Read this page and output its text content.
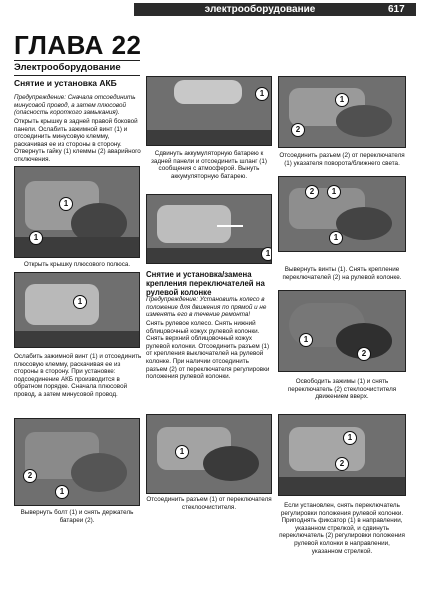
электрооборудование	617
ГЛАВА 22
Электрооборудование
Снятие и установка АКБ
Предупреждение: Сначала отсоединить минусовой провод, а затем плюсовой (опасность короткого замыкания).
Открыть крышку в задней правой боковой панели. Ослабить зажимной винт (1) и отсоединить минусовую клемму, раскачивая ее из стороны в сторону. Отвернуть гайку (1) клеммы (2) аварийного отключения.
1
1
Открыть крышку плюсового полюса.
1
Ослабить зажимной винт (1) и отсоединить плюсовую клемму, раскачивая ее из стороны в сторону. При установке: подсоединение АКБ производится в обратном порядке. Сначала плюсовой провод, а затем минусовой провод.
2
1
Вывернуть болт (1) и снять держатель батареи (2).
1
Сдвинуть аккумуляторную батарею к задней панели и отсоединить шланг (1) сообщения с атмосферой. Вынуть аккумуляторную батарею.
1
Снятие и установка/замена крепления переключателей на рулевой колонке
Предупреждение: Установить колесо в положение для движения по прямой и не изменять его в течение ремонта!
Снять рулевое колесо. Снять нижний облицовочный кожух рулевой колонки. Снять верхний облицовочный кожух рулевой колонки. Отсоединить разъем (1) от крепления выключателей на рулевой колонке. При наличии отсоединить разъем (2) от переключателя регулировки положения рулевой колонки.
1
Отсоединить разъем (1) от переключателя стеклоочистителя.
1
2
Отсоединить разъем (2) от переключателя (1) указателя поворота/ближнего света.
2	1
1
Вывернуть винты (1). Снять крепление переключателей (2) на рулевой колонке.
1
2
Освободить зажимы (1) и снять переключатель (2) стеклоочистителя движением вверх.
1
2
Если установлен, снять переключатель регулировки положения рулевой колонки. Приподнять фиксатор (1) в направлении, указанном стрелкой, и сдвинуть переключатель (2) регулировки положения рулевой колонки в направлении, указанном стрелкой.
